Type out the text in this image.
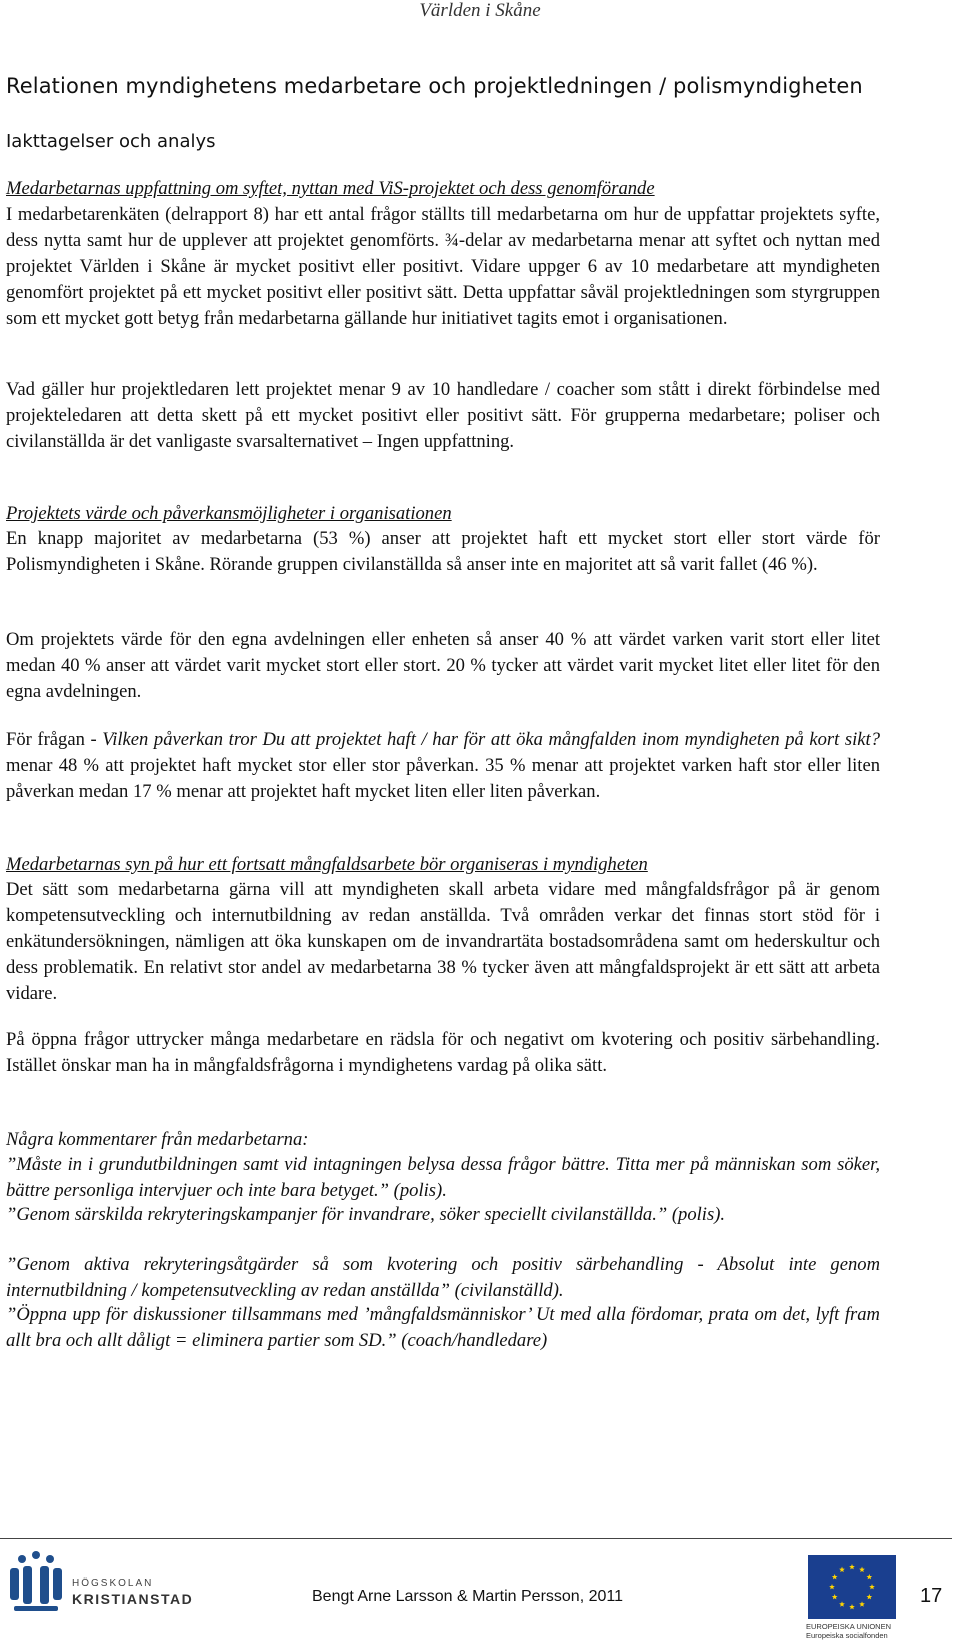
Världen i Skåne
Relationen myndighetens medarbetare och projektledningen / polismyndigheten
Iakttagelser och analys
Medarbetarnas uppfattning om syftet, nyttan med ViS-projektet och dess genomförande

I medarbetarenkäten (delrapport 8) har ett antal frågor ställts till medarbetarna om hur de uppfattar projektets syfte, dess nytta samt hur de upplever att projektet genomförts. ¾-delar av medarbetarna menar att syftet och nyttan med projektet Världen i Skåne är mycket positivt eller positivt. Vidare uppger 6 av 10 medarbetare att myndigheten genomfört projektet på ett mycket positivt eller positivt sätt. Detta uppfattar såväl projektledningen som styrgruppen som ett mycket gott betyg från medarbetarna gällande hur initiativet tagits emot i organisationen.

Vad gäller hur projektledaren lett projektet menar 9 av 10 handledare / coacher som stått i direkt förbindelse med projekteledaren att detta skett på ett mycket positivt eller positivt sätt. För grupperna medarbetare; poliser och civilanställda är det vanligaste svarsalternativet – Ingen uppfattning.

Projektets värde och påverkansmöjligheter i organisationen

En knapp majoritet av medarbetarna (53 %) anser att projektet haft ett mycket stort eller stort värde för Polismyndigheten i Skåne. Rörande gruppen civilanställda så anser inte en majoritet att så varit fallet (46 %).

Om projektets värde för den egna avdelningen eller enheten så anser 40 % att värdet varken varit stort eller litet medan 40 % anser att värdet varit mycket stort eller stort. 20 % tycker att värdet varit mycket litet eller litet för den egna avdelningen.

För frågan - Vilken påverkan tror Du att projektet haft / har för att öka mångfalden inom myndigheten på kort sikt? menar 48 % att projektet haft mycket stor eller stor påverkan. 35 % menar att projektet varken haft stor eller liten påverkan medan 17 % menar att projektet haft mycket liten eller liten påverkan.

Medarbetarnas syn på hur ett fortsatt mångfaldsarbete bör organiseras i myndigheten

Det sätt som medarbetarna gärna vill att myndigheten skall arbeta vidare med mångfaldsfrågor på är genom kompetensutveckling och internutbildning av redan anställda. Två områden verkar det finnas stort stöd för i enkätundersökningen, nämligen att öka kunskapen om de invandrartäta bostadsområdena samt om hederskultur och dess problematik. En relativt stor andel av medarbetarna 38 % tycker även att mångfaldsprojekt är ett sätt att arbeta vidare.

På öppna frågor uttrycker många medarbetare en rädsla för och negativt om kvotering och positiv särbehandling. Istället önskar man ha in mångfaldsfrågorna i myndighetens vardag på olika sätt.

Några kommentarer från medarbetarna:

”Måste in i grundutbildningen samt vid intagningen belysa dessa frågor bättre. Titta mer på människan som söker, bättre personliga intervjuer och inte bara betyget.” (polis).

”Genom särskilda rekryteringskampanjer för invandrare, söker speciellt civilanställda.” (polis).

”Genom aktiva rekryteringsåtgärder så som kvotering och positiv särbehandling - Absolut inte genom internutbildning / kompetensutveckling av redan anställda” (civilanställd).

”Öppna upp för diskussioner tillsammans med ’mångfaldsmänniskor’ Ut med alla fördomar, prata om det, lyft fram allt bra och allt dåligt = eliminera partier som SD.” (coach/handledare)

HÖGSKOLAN
KRISTIANSTAD	Bengt Arne Larsson & Martin Persson, 2011
EUROPEISKA UNIONEN
Europeiska socialfonden
17
